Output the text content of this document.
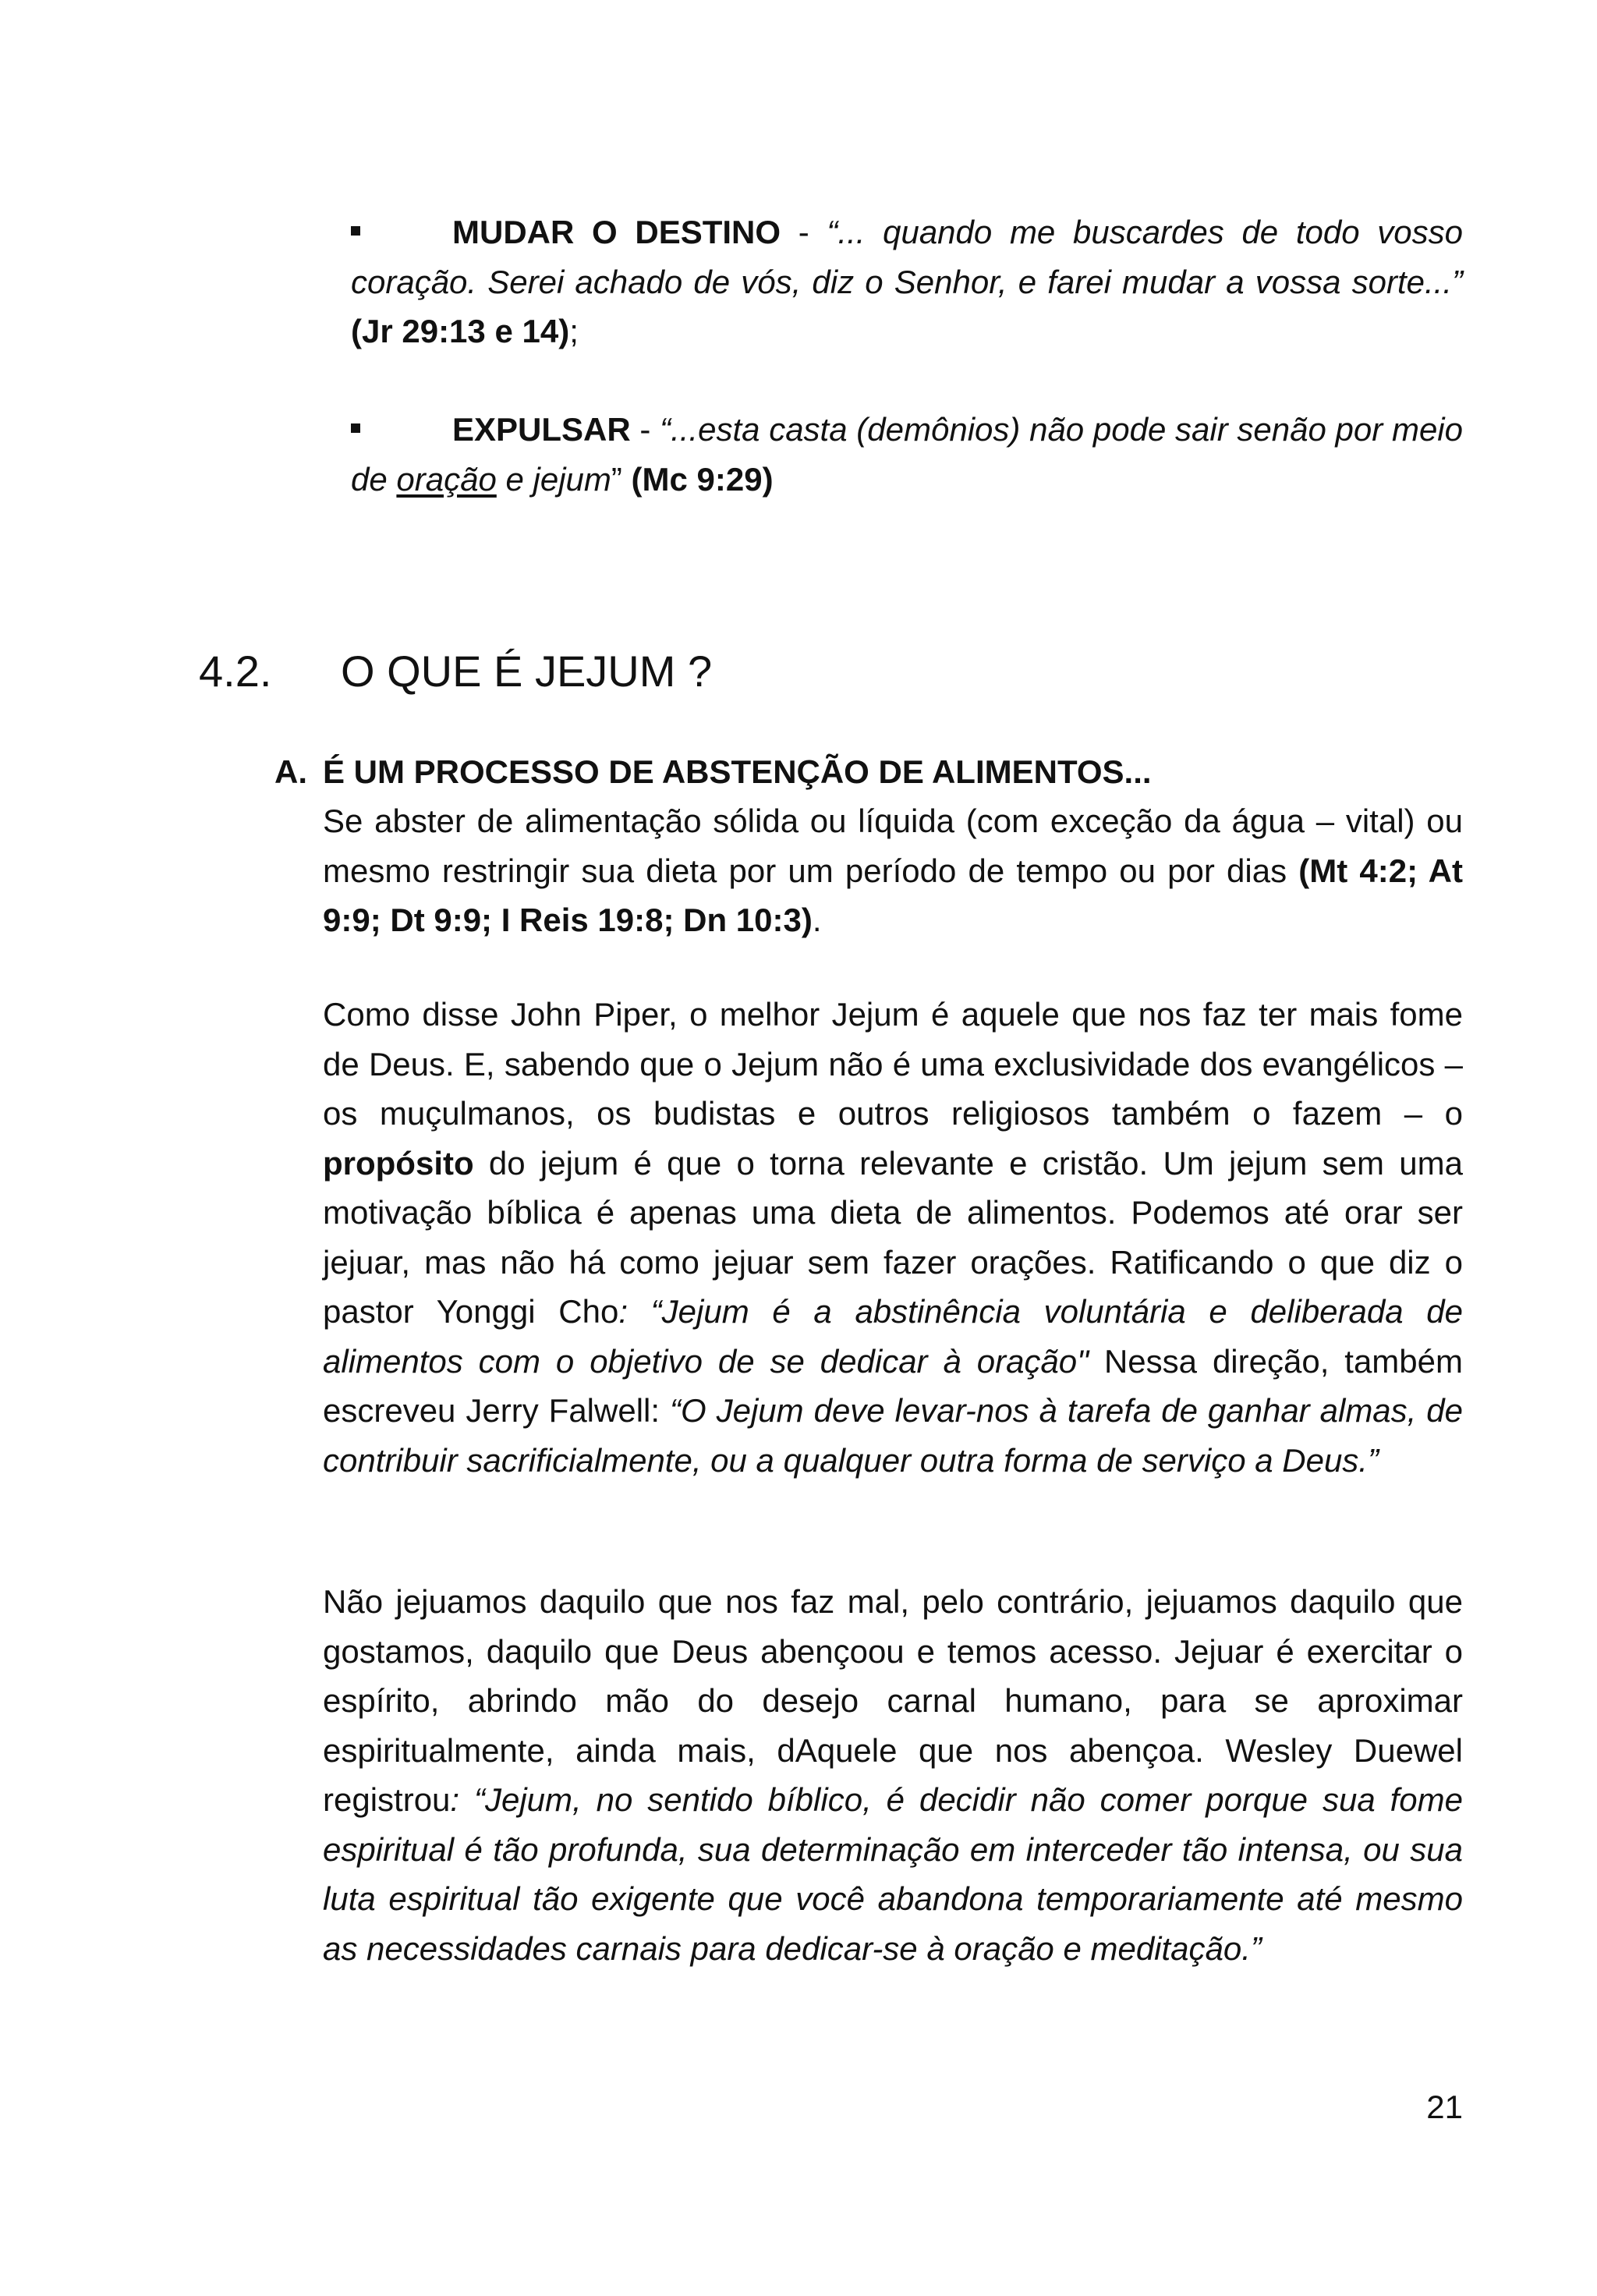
MUDAR O DESTINO - “... quando me buscardes de todo vosso coração. Serei achado de vós, diz o Senhor, e farei mudar a vossa sorte...” (Jr 29:13 e 14);

EXPULSAR - “...esta casta (demônios) não pode sair senão por meio de oração e jejum” (Mc 9:29)

4.2. O QUE É JEJUM ?

A. É UM PROCESSO DE ABSTENÇÃO DE ALIMENTOS...

Se abster de alimentação sólida ou líquida (com exceção da água – vital) ou mesmo restringir sua dieta por um período de tempo ou por dias (Mt 4:2; At 9:9; Dt 9:9; I Reis 19:8; Dn 10:3).

Como disse John Piper, o melhor Jejum é aquele que nos faz ter mais fome de Deus. E, sabendo que o Jejum não é uma exclusividade dos evangélicos – os muçulmanos, os budistas e outros religiosos também o fazem – o propósito do jejum é que o torna relevante e cristão. Um jejum sem uma motivação bíblica é apenas uma dieta de alimentos. Podemos até orar ser jejuar, mas não há como jejuar sem fazer orações. Ratificando o que diz o pastor Yonggi Cho: “Jejum é a abstinência voluntária e deliberada de alimentos com o objetivo de se dedicar à oração" Nessa direção, também escreveu Jerry Falwell: “O Jejum deve levar-nos à tarefa de ganhar almas, de contribuir sacrificialmente, ou a qualquer outra forma de serviço a Deus.”

Não jejuamos daquilo que nos faz mal, pelo contrário, jejuamos daquilo que gostamos, daquilo que Deus abençoou e temos acesso. Jejuar é exercitar o espírito, abrindo mão do desejo carnal humano, para se aproximar espiritualmente, ainda mais, dAquele que nos abençoa. Wesley Duewel registrou: “Jejum, no sentido bíblico, é decidir não comer porque sua fome espiritual é tão profunda, sua determinação em interceder tão intensa, ou sua luta espiritual tão exigente que você abandona temporariamente até mesmo as necessidades carnais para dedicar-se à oração e meditação.”

21
